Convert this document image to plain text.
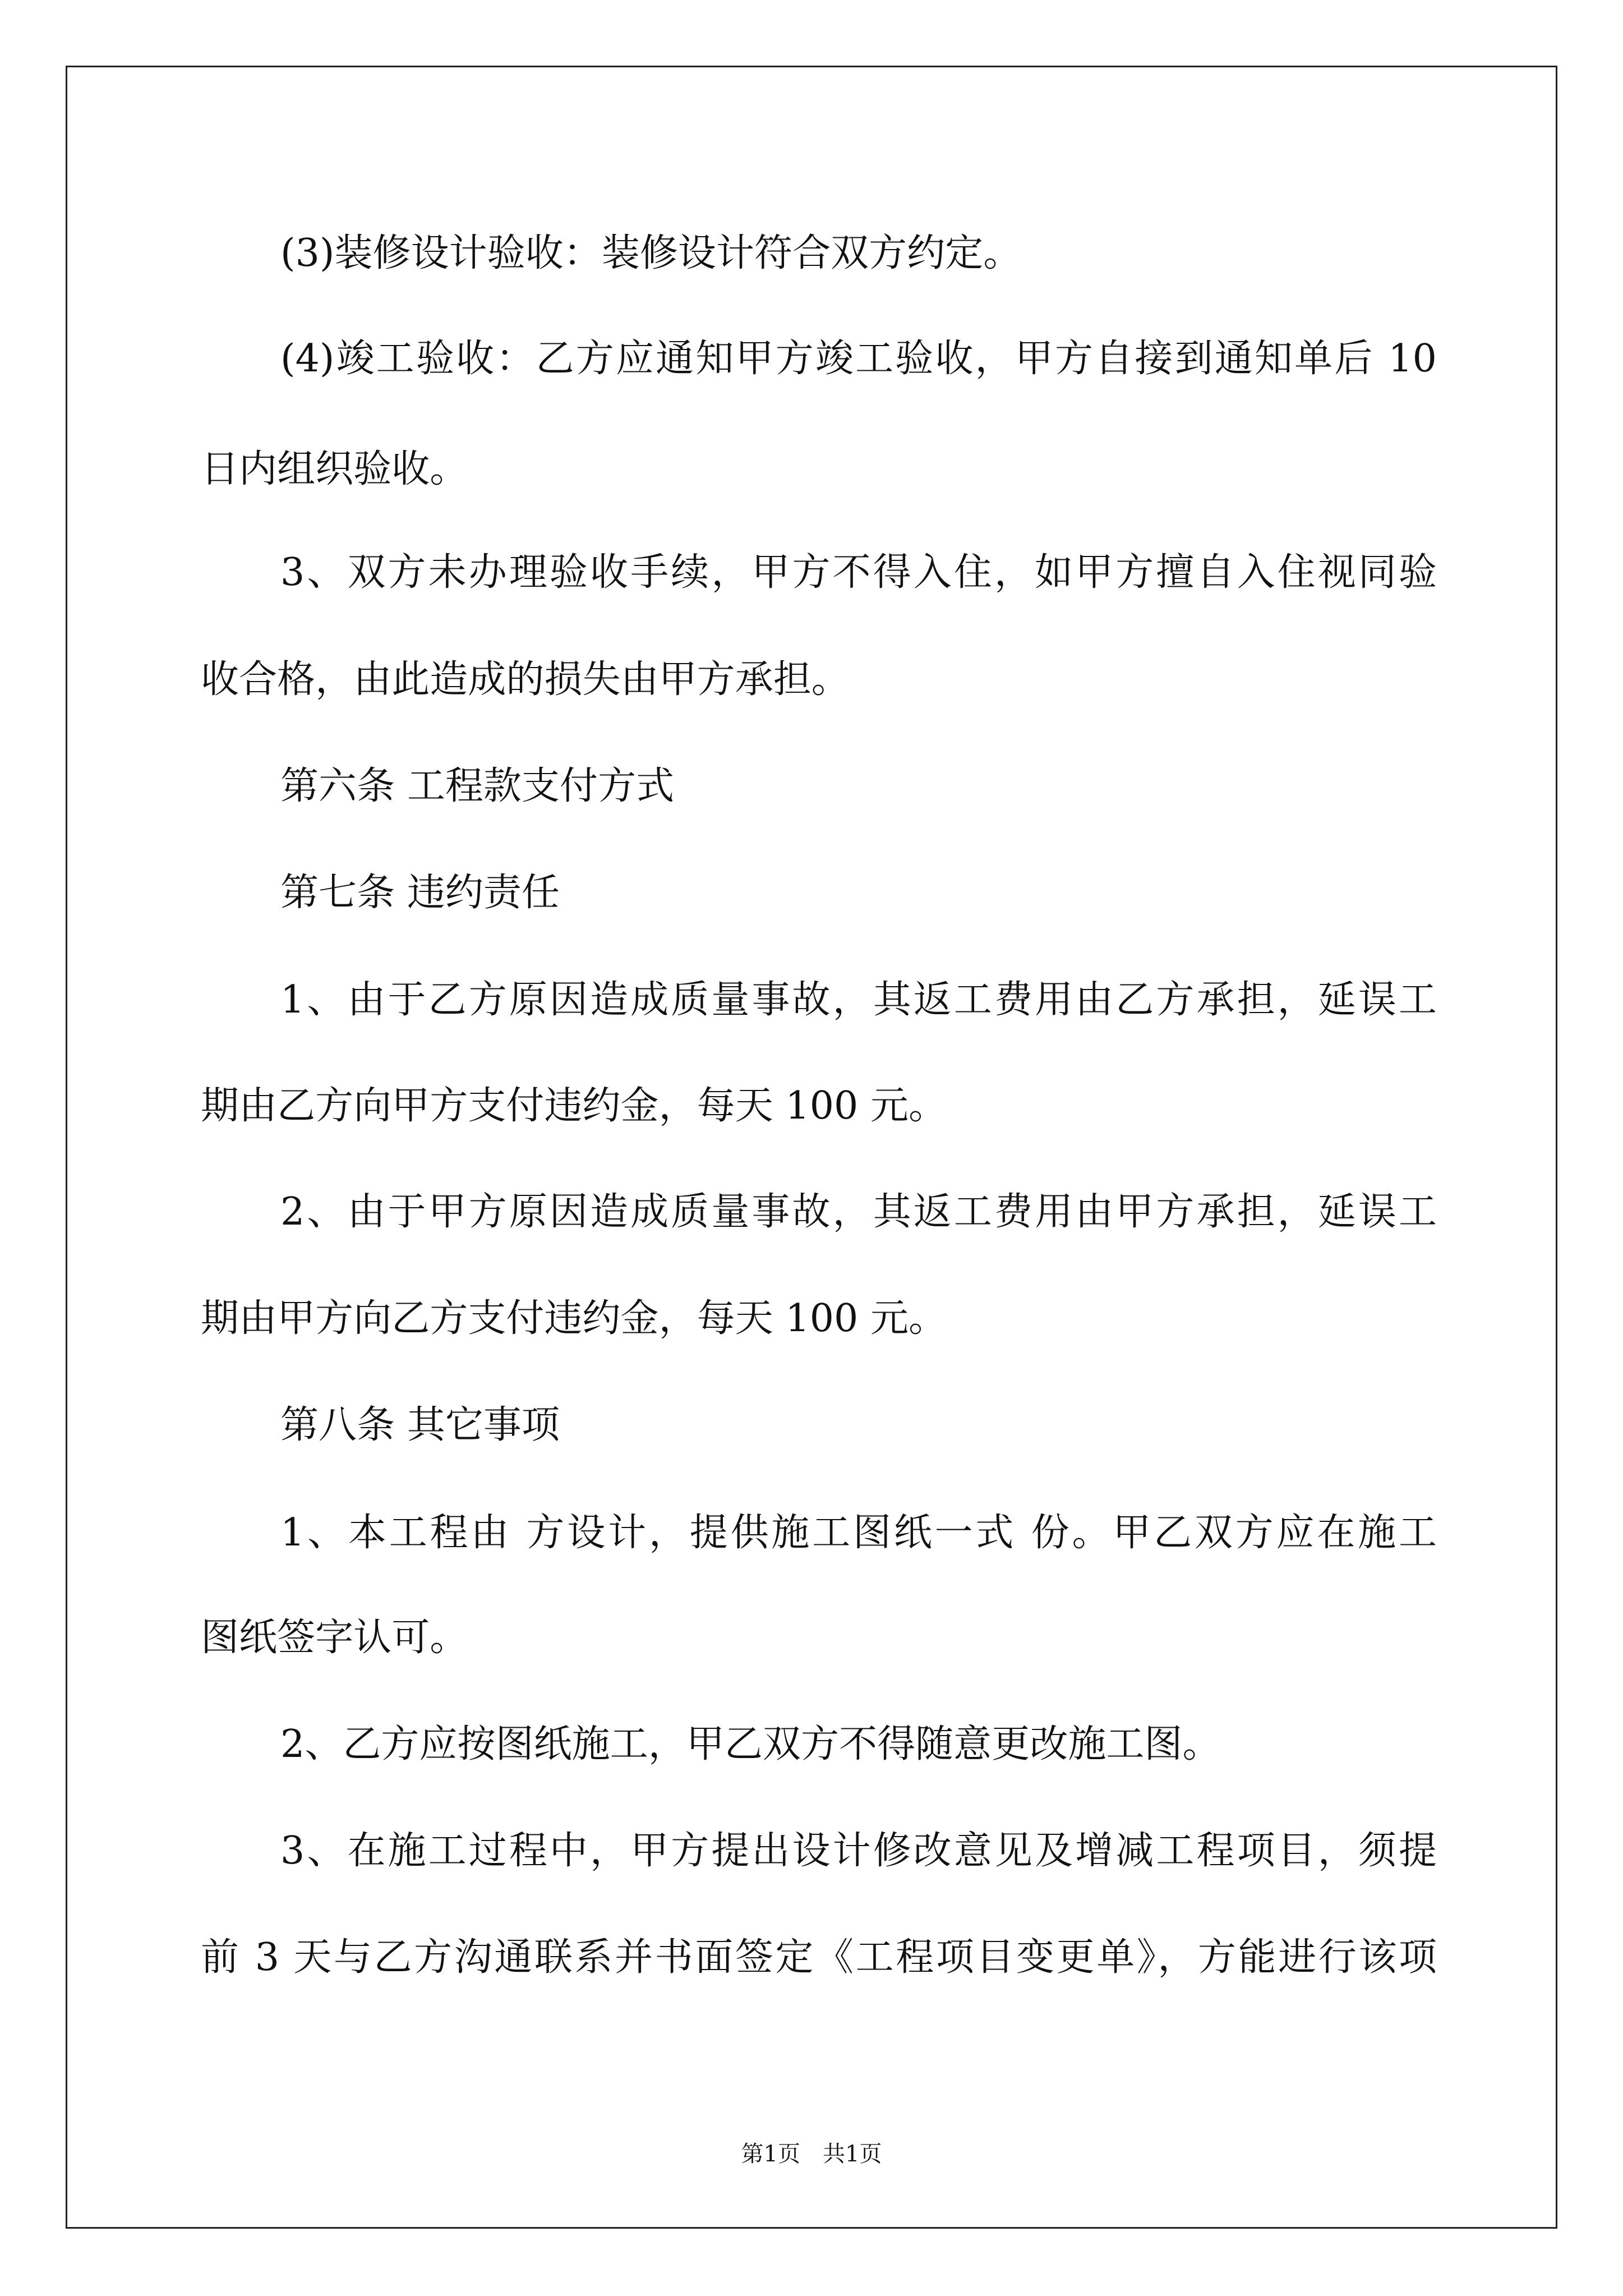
(3)装修设计验收：装修设计符合双方约定。
(4)竣工验收：乙方应通知甲方竣工验收，甲方自接到通知单后 10
日内组织验收。
3、双方未办理验收手续，甲方不得入住，如甲方擅自入住视同验
收合格，由此造成的损失由甲方承担。
第六条 工程款支付方式
第七条 违约责任
1、由于乙方原因造成质量事故，其返工费用由乙方承担，延误工
期由乙方向甲方支付违约金，每天 100 元。
2、由于甲方原因造成质量事故，其返工费用由甲方承担，延误工
期由甲方向乙方支付违约金，每天 100 元。
第八条 其它事项
1、本工程由 方设计，提供施工图纸一式 份。甲乙双方应在施工
图纸签字认可。
2、乙方应按图纸施工，甲乙双方不得随意更改施工图。
3、在施工过程中，甲方提出设计修改意见及增减工程项目，须提
前 3 天与乙方沟通联系并书面签定《工程项目变更单》，方能进行该项
第1页　共1页
